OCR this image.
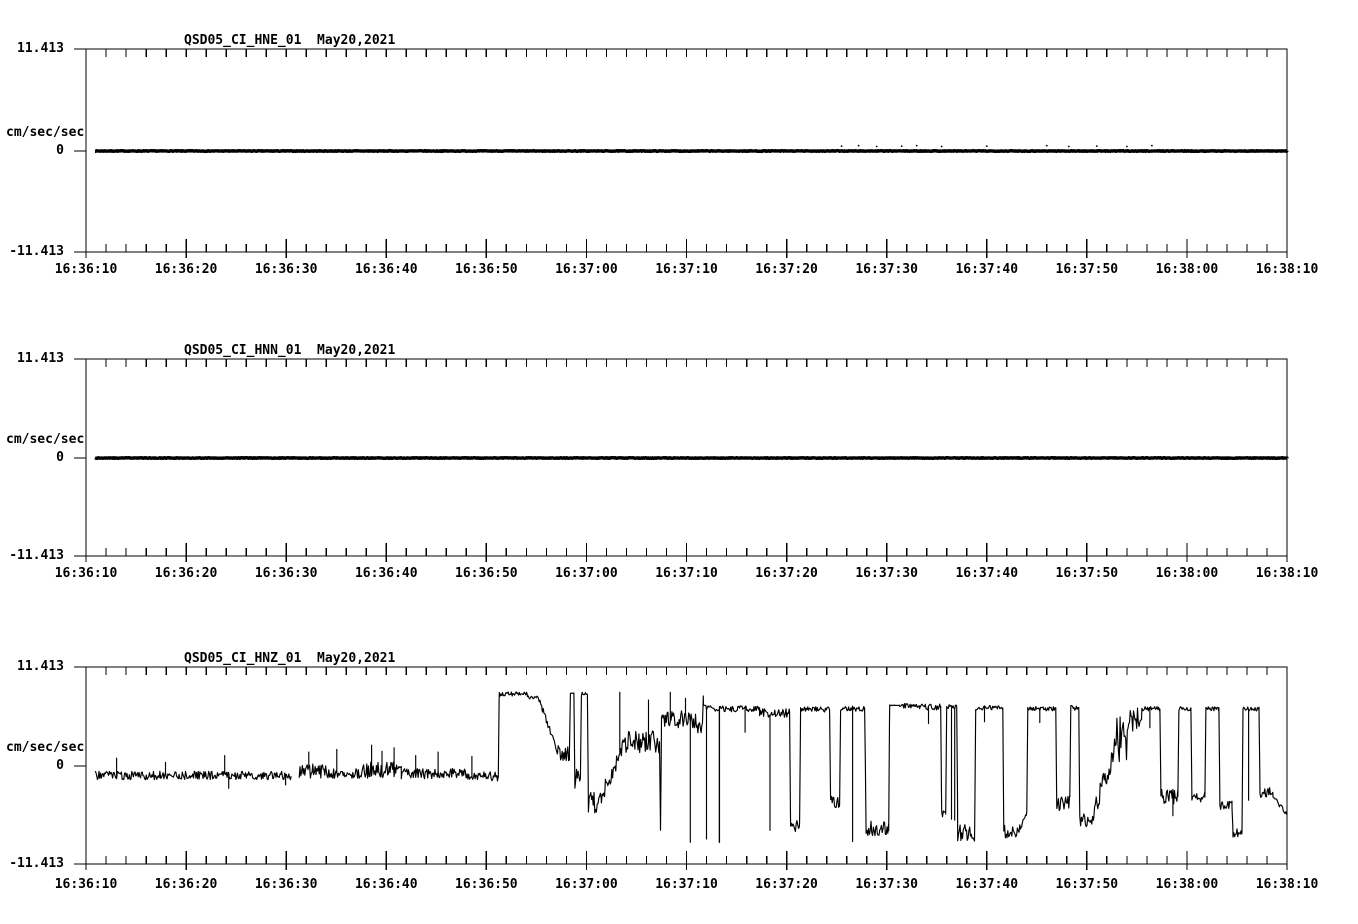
QSD05_CI_HNE_01  May20,2021
QSD05_CI_HNN_01  May20,2021
QSD05_CI_HNZ_01  May20,2021
11.413
0
-11.413
cm/sec/sec
11.413
0
-11.413
cm/sec/sec
11.413
0
-11.413
cm/sec/sec
16:36:10	16:36:20	16:36:30	16:36:40	16:36:50	16:37:00	16:37:10	16:37:20	16:37:30	16:37:40	16:37:50	16:38:00	16:38:10
16:36:10	16:36:20	16:36:30	16:36:40	16:36:50	16:37:00	16:37:10	16:37:20	16:37:30	16:37:40	16:37:50	16:38:00	16:38:10
16:36:10	16:36:20	16:36:30	16:36:40	16:36:50	16:37:00	16:37:10	16:37:20	16:37:30	16:37:40	16:37:50	16:38:00	16:38:10
